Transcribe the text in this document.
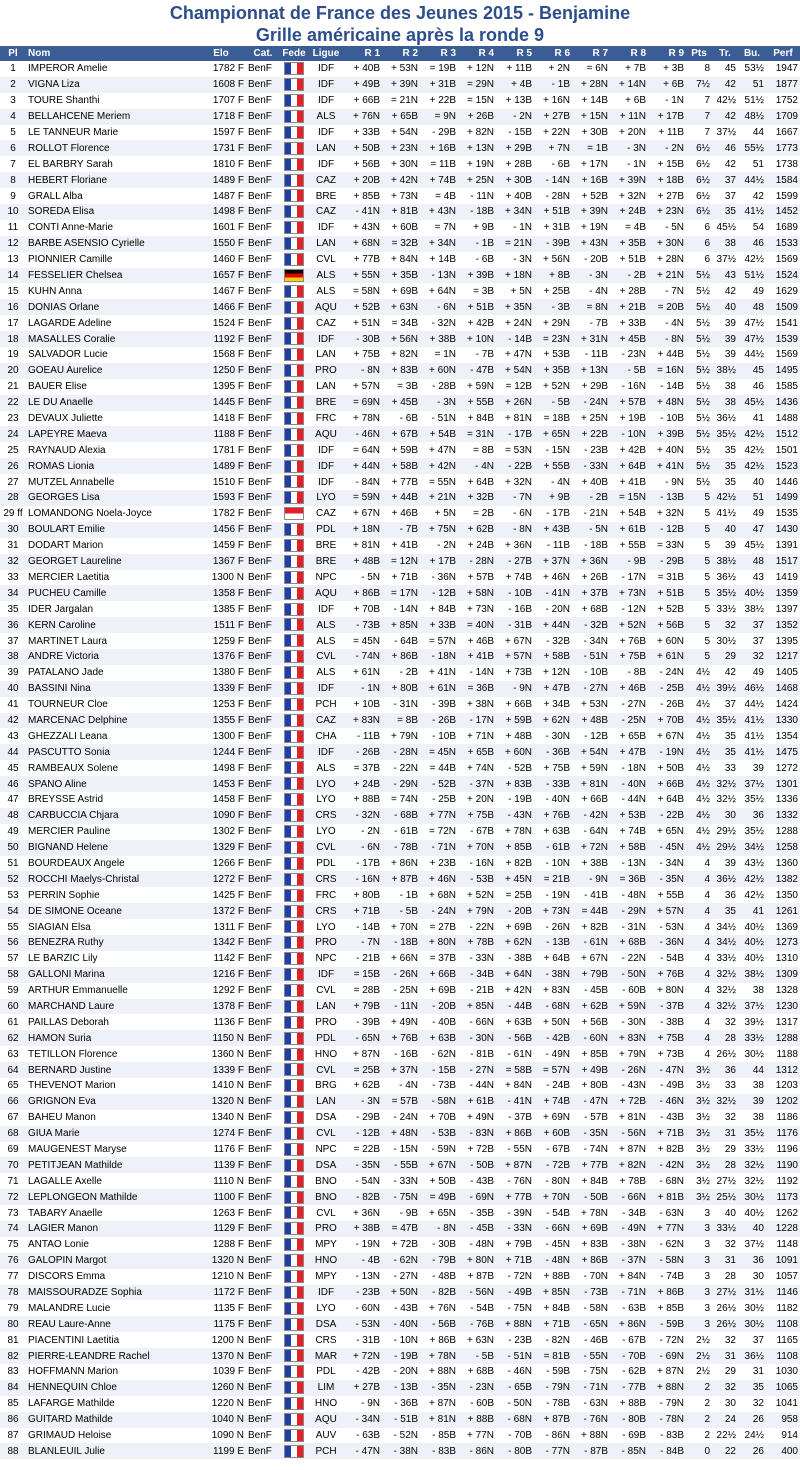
Championnat de France des Jeunes 2015 - Benjamine
Grille américaine après la ronde 9
Pl	Nom	Elo	Cat.	Fede	Ligue	R 1	R 2	R 3	R 4	R 5	R 6	R 7	R 8	R 9	Pts	Tr.	Bu.	Perf
1	IMPEROR Amelie	1782 F	BenF		IDF	+ 40B	+ 53N	= 19B	+ 12N	+ 11B	+ 2N	= 6N	+ 7B	+ 3B	8	45	53½	1947
2	VIGNA Liza	1608 F	BenF		IDF	+ 49B	+ 39N	+ 31B	= 29N	+ 4B	- 1B	+ 28N	+ 14N	+ 6B	7½	42	51	1877
3	TOURE Shanthi	1707 F	BenF		IDF	+ 66B	= 21N	+ 22B	= 15N	+ 13B	+ 16N	+ 14B	+ 6B	- 1N	7	42½	51½	1752
4	BELLAHCENE Meriem	1718 F	BenF		ALS	+ 76N	+ 65B	= 9N	+ 26B	- 2N	+ 27B	+ 15N	+ 11N	+ 17B	7	42	48½	1709
5	LE TANNEUR Marie	1597 F	BenF		IDF	+ 33B	+ 54N	- 29B	+ 82N	- 15B	+ 22N	+ 30B	+ 20N	+ 11B	7	37½	44	1667
6	ROLLOT Florence	1731 F	BenF		LAN	+ 50B	+ 23N	+ 16B	+ 13N	+ 29B	+ 7N	= 1B	- 3N	- 2N	6½	46	55½	1773
7	EL BARBRY Sarah	1810 F	BenF		IDF	+ 56B	+ 30N	= 11B	+ 19N	+ 28B	- 6B	+ 17N	- 1N	+ 15B	6½	42	51	1738
8	HEBERT Floriane	1489 F	BenF		CAZ	+ 20B	+ 42N	+ 74B	+ 25N	+ 30B	- 14N	+ 16B	+ 39N	+ 18B	6½	37	44½	1584
9	GRALL Alba	1487 F	BenF		BRE	+ 85B	+ 73N	= 4B	- 11N	+ 40B	- 28N	+ 52B	+ 32N	+ 27B	6½	37	42	1599
10	SOREDA Elisa	1498 F	BenF		CAZ	- 41N	+ 81B	+ 43N	- 18B	+ 34N	+ 51B	+ 39N	+ 24B	+ 23N	6½	35	41½	1452
11	CONTI Anne-Marie	1601 F	BenF		IDF	+ 43N	+ 60B	= 7N	+ 9B	- 1N	+ 31B	+ 19N	= 4B	- 5N	6	45½	54	1689
12	BARBE ASENSIO Cyrielle	1550 F	BenF		LAN	+ 68N	= 32B	+ 34N	- 1B	= 21N	- 39B	+ 43N	+ 35B	+ 30N	6	38	46	1533
13	PIONNIER Camille	1460 F	BenF		CVL	+ 77B	+ 84N	+ 14B	- 6B	- 3N	+ 56N	- 20B	+ 51B	+ 28N	6	37½	42½	1569
14	FESSELIER Chelsea	1657 F	BenF		ALS	+ 55N	+ 35B	- 13N	+ 39B	+ 18N	+ 8B	- 3N	- 2B	+ 21N	5½	43	51½	1524
15	KUHN Anna	1467 F	BenF		ALS	= 58N	+ 69B	+ 64N	= 3B	+ 5N	+ 25B	- 4N	+ 28B	- 7N	5½	42	49	1629
16	DONIAS Orlane	1466 F	BenF		AQU	+ 52B	+ 63N	- 6N	+ 51B	+ 35N	- 3B	= 8N	+ 21B	= 20B	5½	40	48	1509
17	LAGARDE Adeline	1524 F	BenF		CAZ	+ 51N	= 34B	- 32N	+ 42B	+ 24N	+ 29N	- 7B	+ 33B	- 4N	5½	39	47½	1541
18	MASALLES Coralie	1192 F	BenF		IDF	- 30B	+ 56N	+ 38B	+ 10N	- 14B	= 23N	+ 31N	+ 45B	- 8N	5½	39	47½	1539
19	SALVADOR Lucie	1568 F	BenF		LAN	+ 75B	+ 82N	= 1N	- 7B	+ 47N	+ 53B	- 11B	- 23N	+ 44B	5½	39	44½	1569
20	GOEAU Aurelice	1250 F	BenF		PRO	- 8N	+ 83B	+ 60N	- 47B	+ 54N	+ 35B	+ 13N	- 5B	= 16N	5½	38½	45	1495
21	BAUER Elise	1395 F	BenF		LAN	+ 57N	= 3B	- 28B	+ 59N	= 12B	+ 52N	+ 29B	- 16N	- 14B	5½	38	46	1585
22	LE DU Anaelle	1445 F	BenF		BRE	= 69N	+ 45B	- 3N	+ 55B	+ 26N	- 5B	- 24N	+ 57B	+ 48N	5½	38	45½	1436
23	DEVAUX Juliette	1418 F	BenF		FRC	+ 78N	- 6B	- 51N	+ 84B	+ 81N	= 18B	+ 25N	+ 19B	- 10B	5½	36½	41	1488
24	LAPEYRE Maeva	1188 F	BenF		AQU	- 46N	+ 67B	+ 54B	= 31N	- 17B	+ 65N	+ 22B	- 10N	+ 39B	5½	35½	42½	1512
25	RAYNAUD Alexia	1781 F	BenF		IDF	= 64N	+ 59B	+ 47N	= 8B	= 53N	- 15N	- 23B	+ 42B	+ 40N	5½	35	42½	1501
26	ROMAS Lionia	1489 F	BenF		IDF	+ 44N	+ 58B	+ 42N	- 4N	- 22B	+ 55B	- 33N	+ 64B	+ 41N	5½	35	42½	1523
27	MUTZEL Annabelle	1510 F	BenF		IDF	- 84N	+ 77B	= 55N	+ 64B	+ 32N	- 4N	+ 40B	+ 41B	- 9N	5½	35	40	1446
28	GEORGES Lisa	1593 F	BenF		LYO	= 59N	+ 44B	+ 21N	+ 32B	- 7N	+ 9B	- 2B	= 15N	- 13B	5	42½	51	1499
29 ff	LOMANDONG Noela-Joyce	1782 F	BenF		CAZ	+ 67N	+ 46B	+ 5N	= 2B	- 6N	- 17B	- 21N	+ 54B	+ 32N	5	41½	49	1535
30	BOULART Emilie	1456 F	BenF		PDL	+ 18N	- 7B	+ 75N	+ 62B	- 8N	+ 43B	- 5N	+ 61B	- 12B	5	40	47	1430
31	DODART Marion	1459 F	BenF		BRE	+ 81N	+ 41B	- 2N	+ 24B	+ 36N	- 11B	- 18B	+ 55B	= 33N	5	39	45½	1391
32	GEORGET Laureline	1367 F	BenF		BRE	+ 48B	= 12N	+ 17B	- 28N	- 27B	+ 37N	+ 36N	- 9B	- 29B	5	38½	48	1517
33	MERCIER Laetitia	1300 N	BenF		NPC	- 5N	+ 71B	- 36N	+ 57B	+ 74B	+ 46N	+ 26B	- 17N	= 31B	5	36½	43	1419
34	PUCHEU Camille	1358 F	BenF		AQU	+ 86B	= 17N	- 12B	+ 58N	- 10B	- 41N	+ 37B	+ 73N	+ 51B	5	35½	40½	1359
35	IDER Jargalan	1385 F	BenF		IDF	+ 70B	- 14N	+ 84B	+ 73N	- 16B	- 20N	+ 68B	- 12N	+ 52B	5	33½	38½	1397
36	KERN Caroline	1511 F	BenF		ALS	- 73B	+ 85N	+ 33B	= 40N	- 31B	+ 44N	- 32B	+ 52N	+ 56B	5	32	37	1352
37	MARTINET Laura	1259 F	BenF		ALS	= 45N	- 64B	= 57N	+ 46B	+ 67N	- 32B	- 34N	+ 76B	+ 60N	5	30½	37	1395
38	ANDRE Victoria	1376 F	BenF		CVL	- 74N	+ 86B	- 18N	+ 41B	+ 57N	+ 58B	- 51N	+ 75B	+ 61N	5	29	32	1217
39	PATALANO Jade	1380 F	BenF		ALS	+ 61N	- 2B	+ 41N	- 14N	+ 73B	+ 12N	- 10B	- 8B	- 24N	4½	42	49	1405
40	BASSINI Nina	1339 F	BenF		IDF	- 1N	+ 80B	+ 61N	= 36B	- 9N	+ 47B	- 27N	+ 46B	- 25B	4½	39½	46½	1468
41	TOURNEUR Cloe	1253 F	BenF		PCH	+ 10B	- 31N	- 39B	+ 38N	+ 66B	+ 34B	+ 53N	- 27N	- 26B	4½	37	44½	1424
42	MARCENAC Delphine	1355 F	BenF		CAZ	+ 83N	= 8B	- 26B	- 17N	+ 59B	+ 62N	+ 48B	- 25N	+ 70B	4½	35½	41½	1330
43	GHEZZALI Leana	1300 F	BenF		CHA	- 11B	+ 79N	- 10B	+ 71N	+ 48B	- 30N	- 12B	+ 65B	+ 67N	4½	35	41½	1354
44	PASCUTTO Sonia	1244 F	BenF		IDF	- 26B	- 28N	= 45N	+ 65B	+ 60N	- 36B	+ 54N	+ 47B	- 19N	4½	35	41½	1475
45	RAMBEAUX Solene	1498 F	BenF		ALS	= 37B	- 22N	= 44B	+ 74N	- 52B	+ 75B	+ 59N	- 18N	+ 50B	4½	33	39	1272
46	SPANO Aline	1453 F	BenF		LYO	+ 24B	- 29N	- 52B	- 37N	+ 83B	- 33B	+ 81N	- 40N	+ 66B	4½	32½	37½	1301
47	BREYSSE Astrid	1458 F	BenF		LYO	+ 88B	= 74N	- 25B	+ 20N	- 19B	- 40N	+ 66B	- 44N	+ 64B	4½	32½	35½	1336
48	CARBUCCIA Chjara	1090 F	BenF		CRS	- 32N	- 68B	+ 77N	+ 75B	- 43N	+ 76B	- 42N	+ 53B	- 22B	4½	30	36	1332
49	MERCIER Pauline	1302 F	BenF		LYO	- 2N	- 61B	= 72N	- 67B	+ 78N	+ 63B	- 64N	+ 74B	+ 65N	4½	29½	35½	1288
50	BIGNAND Helene	1329 F	BenF		CVL	- 6N	- 78B	- 71N	+ 70N	+ 85B	- 61B	+ 72N	+ 58B	- 45N	4½	29½	34½	1258
51	BOURDEAUX Angele	1266 F	BenF		PDL	- 17B	+ 86N	+ 23B	- 16N	+ 82B	- 10N	+ 38B	- 13N	- 34N	4	39	43½	1360
52	ROCCHI Maelys-Christal	1272 F	BenF		CRS	- 16N	+ 87B	+ 46N	- 53B	+ 45N	= 21B	- 9N	= 36B	- 35N	4	36½	42½	1382
53	PERRIN Sophie	1425 F	BenF		FRC	+ 80B	- 1B	+ 68N	+ 52N	= 25B	- 19N	- 41B	- 48N	+ 55B	4	36	42½	1350
54	DE SIMONE Oceane	1372 F	BenF		CRS	+ 71B	- 5B	- 24N	+ 79N	- 20B	+ 73N	= 44B	- 29N	+ 57N	4	35	41	1261
55	SIAGIAN Elsa	1311 F	BenF		LYO	- 14B	+ 70N	= 27B	- 22N	+ 69B	- 26N	+ 82B	- 31N	- 53N	4	34½	40½	1369
56	BENEZRA Ruthy	1342 F	BenF		PRO	- 7N	- 18B	+ 80N	+ 78B	+ 62N	- 13B	- 61N	+ 68B	- 36N	4	34½	40½	1273
57	LE BARZIC Lily	1142 F	BenF		NPC	- 21B	+ 66N	= 37B	- 33N	- 38B	+ 64B	+ 67N	- 22N	- 54B	4	33½	40½	1310
58	GALLONI Marina	1216 F	BenF		IDF	= 15B	- 26N	+ 66B	- 34B	+ 64N	- 38N	+ 79B	- 50N	+ 76B	4	32½	38½	1309
59	ARTHUR Emmanuelle	1292 F	BenF		CVL	= 28B	- 25N	+ 69B	- 21B	+ 42N	+ 83N	- 45B	- 60B	+ 80N	4	32½	38	1328
60	MARCHAND Laure	1378 F	BenF		LAN	+ 79B	- 11N	- 20B	+ 85N	- 44B	- 68N	+ 62B	+ 59N	- 37B	4	32½	37½	1230
61	PAILLAS Deborah	1136 F	BenF		PRO	- 39B	+ 49N	- 40B	- 66N	+ 63B	+ 50N	+ 56B	- 30N	- 38B	4	32	39½	1317
62	HAMON Suria	1150 N	BenF		PDL	- 65N	+ 76B	+ 63B	- 30N	- 56B	- 42B	- 60N	+ 83N	+ 75B	4	28	33½	1288
63	TETILLON Florence	1360 N	BenF		HNO	+ 87N	- 16B	- 62N	- 81B	- 61N	- 49N	+ 85B	+ 79N	+ 73B	4	26½	30½	1188
64	BERNARD Justine	1339 F	BenF		CVL	= 25B	+ 37N	- 15B	- 27N	= 58B	= 57N	+ 49B	- 26N	- 47N	3½	36	44	1312
65	THEVENOT Marion	1410 N	BenF		BRG	+ 62B	- 4N	- 73B	- 44N	+ 84N	- 24B	+ 80B	- 43N	- 49B	3½	33	38	1203
66	GRIGNON Eva	1320 N	BenF		LAN	- 3N	= 57B	- 58N	+ 61B	- 41N	+ 74B	- 47N	+ 72B	- 46N	3½	32½	39	1202
67	BAHEU Manon	1340 N	BenF		DSA	- 29B	- 24N	+ 70B	+ 49N	- 37B	+ 69N	- 57B	+ 81N	- 43B	3½	32	38	1186
68	GIUA Marie	1274 F	BenF		CVL	- 12B	+ 48N	- 53B	- 83N	+ 86B	+ 60B	- 35N	- 56N	+ 71B	3½	31	35½	1176
69	MAUGENEST Maryse	1176 F	BenF		NPC	= 22B	- 15N	- 59N	+ 72B	- 55N	- 67B	- 74N	+ 87N	+ 82B	3½	29	33½	1196
70	PETITJEAN Mathilde	1139 F	BenF		DSA	- 35N	- 55B	+ 67N	- 50B	+ 87N	- 72B	+ 77B	+ 82N	- 42N	3½	28	32½	1190
71	LAGALLE Axelle	1110 N	BenF		BNO	- 54N	- 33N	+ 50B	- 43B	- 76N	- 80N	+ 84B	+ 78B	- 68N	3½	27½	32½	1192
72	LEPLONGEON Mathilde	1100 F	BenF		BNO	- 82B	- 75N	= 49B	- 69N	+ 77B	+ 70N	- 50B	- 66N	+ 81B	3½	25½	30½	1173
73	TABARY Anaelle	1263 F	BenF		CVL	+ 36N	- 9B	+ 65N	- 35B	- 39N	- 54B	+ 78N	- 34B	- 63N	3	40	40½	1262
74	LAGIER Manon	1129 F	BenF		PRO	+ 38B	= 47B	- 8N	- 45B	- 33N	- 66N	+ 69B	- 49N	+ 77N	3	33½	40	1228
75	ANTAO Lonie	1288 F	BenF		MPY	- 19N	+ 72B	- 30B	- 48N	+ 79B	- 45N	+ 83B	- 38N	- 62N	3	32	37½	1148
76	GALOPIN Margot	1320 N	BenF		HNO	- 4B	- 62N	- 79B	+ 80N	+ 71B	- 48N	+ 86B	- 37N	- 58N	3	31	36	1091
77	DISCORS Emma	1210 N	BenF		MPY	- 13N	- 27N	- 48B	+ 87B	- 72N	+ 88B	- 70N	+ 84N	- 74B	3	28	30	1057
78	MAISSOURADZE Sophia	1172 F	BenF		IDF	- 23B	+ 50N	- 82B	- 56N	- 49B	+ 85N	- 73B	- 71N	+ 86B	3	27½	31½	1146
79	MALANDRE Lucie	1135 F	BenF		LYO	- 60N	- 43B	+ 76N	- 54B	- 75N	+ 84B	- 58N	- 63B	+ 85B	3	26½	30½	1182
80	REAU Laure-Anne	1175 F	BenF		DSA	- 53N	- 40N	- 56B	- 76B	+ 88N	+ 71B	- 65N	+ 86N	- 59B	3	26½	30½	1108
81	PIACENTINI Laetitia	1200 N	BenF		CRS	- 31B	- 10N	+ 86B	+ 63N	- 23B	- 82N	- 46B	- 67B	- 72N	2½	32	37	1165
82	PIERRE-LEANDRE Rachel	1370 N	BenF		MAR	+ 72N	- 19B	+ 78N	- 5B	- 51N	= 81B	- 55N	- 70B	- 69N	2½	31	36½	1108
83	HOFFMANN Marion	1039 F	BenF		PDL	- 42B	- 20N	+ 88N	+ 68B	- 46N	- 59B	- 75N	- 62B	+ 87N	2½	29	31	1030
84	HENNEQUIN Chloe	1260 N	BenF		LIM	+ 27B	- 13B	- 35N	- 23N	- 65B	- 79N	- 71N	- 77B	+ 88N	2	32	35	1065
85	LAFARGE Mathilde	1220 N	BenF		HNO	- 9N	- 36B	+ 87N	- 60B	- 50N	- 78B	- 63N	+ 88B	- 79N	2	30	32	1041
86	GUITARD Mathilde	1040 N	BenF		AQU	- 34N	- 51B	+ 81N	+ 88B	- 68N	+ 87B	- 76N	- 80B	- 78N	2	24	26	958
87	GRIMAUD Heloise	1090 N	BenF		AUV	- 63B	- 52N	- 85B	+ 77N	- 70B	- 86N	+ 88N	- 69B	- 83B	2	22½	24½	914
88	BLANLEUIL Julie	1199 E	BenF		PCH	- 47N	- 38N	- 83B	- 86N	- 80B	- 77N	- 87B	- 85N	- 84B	0	22	26	400
